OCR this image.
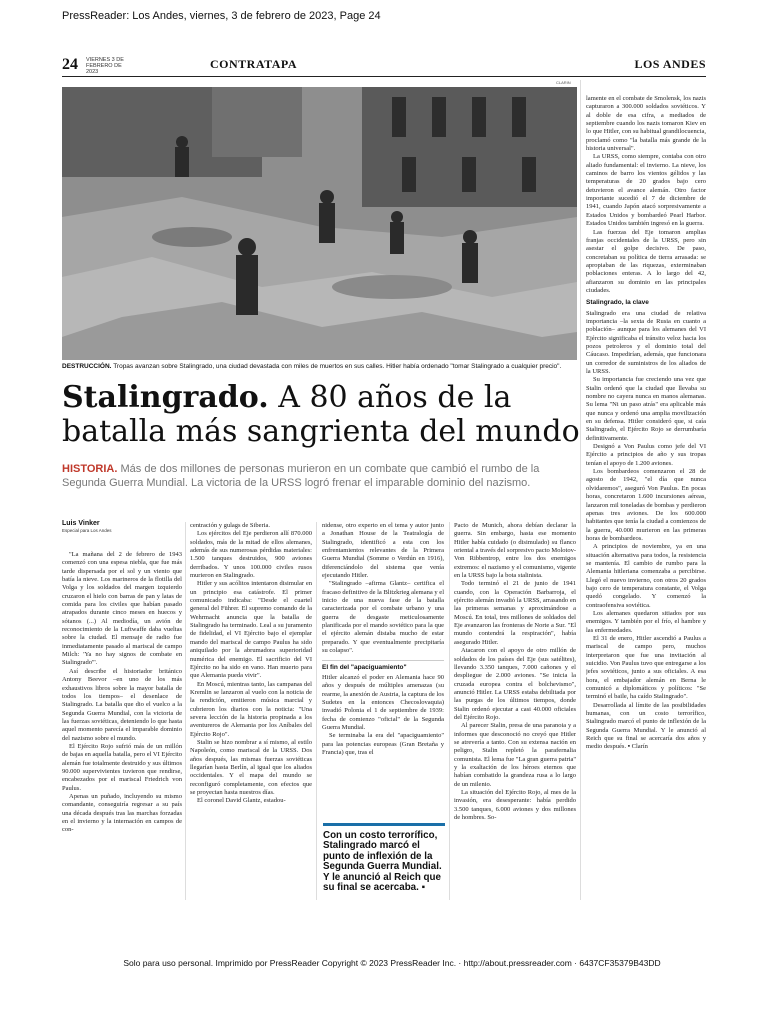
PressReader: Los Andes, viernes, 3 de febrero de 2023, Page 24
24 VIERNES 3 DE
FEBRERO DE 2023
CONTRATAPA	LOS ANDES
CLARIN
DESTRUCCIÓN. Tropas avanzan sobre Stalingrado, una ciudad devastada con miles de muertos en sus calles. Hitler había ordenado "tomar Stalingrado a cualquier precio".
Stalingrado. A 80 años de la batalla más sangrienta del mundo
HISTORIA. Más de dos millones de personas murieron en un combate que cambió el rumbo de la Segunda Guerra Mundial. La victoria de la URSS logró frenar el imparable dominio del nazismo.
Luis Vinker
Especial para Los Andes

"La mañana del 2 de febrero de 1943 comenzó con una espesa niebla, que fue más tarde dispersada por el sol y un viento que batía la nieve. Los marineros de la flotilla del Volga y los soldados del margen izquierdo cruzaron el hielo con barras de pan y latas de comida para los civiles que habían pasado atrapados durante cinco meses en huecos y sótanos (...) Al mediodía, un avión de reconocimiento de la Luftwaffe daba vueltas sobre la ciudad. El mensaje de radio fue inmediatamente pasado al mariscal de campo Milch: 'Ya no hay signos de combate en Stalingrado'".

Así describe el historiador británico Antony Beevor –en uno de los más exhaustivos libros sobre la mayor batalla de todos los tiempos– el desenlace de Stalingrado. La batalla que dio el vuelco a la Segunda Guerra Mundial, con la victoria de las fuerzas soviéticas, deteniendo lo que hasta aquel momento parecía el imparable dominio del nazismo sobre el mundo.

El Ejército Rojo sufrió más de un millón de bajas en aquella batalla, pero el VI Ejército alemán fue totalmente destruido y sus últimos 90.000 supervivientes tuvieron que rendirse, encabezados por el mariscal Friedrich von Paulus.

Apenas un puñado, incluyendo su mismo comandante, conseguiría regresar a su país una década después tras las marchas forzadas en el invierno y la internación en campos de con-

centración y gulags de Siberia.

Los ejércitos del Eje perdieron allí 870.000 soldados, más de la mitad de ellos alemanes, además de sus numerosas pérdidas materiales: 1.500 tanques destruidos, 900 aviones derribados. Y unos 100.000 civiles rusos murieron en Stalingrado.

Hitler y sus acólitos intentaron disimular en un principio esa catástrofe. El primer comunicado indicaba: "Desde el cuartel general del Führer. El supremo comando de la Wehrmacht anuncia que la batalla de Stalingrado ha terminado. Leal a su juramento de fidelidad, el VI Ejército bajo el ejemplar mando del mariscal de campo Paulus ha sido aniquilado por la abrumadora superioridad numérica del enemigo. El sacrificio del VI Ejército no ha sido en vano. Han muerto para que Alemania pueda vivir".

En Moscú, mientras tanto, las campanas del Kremlin se lanzaron al vuelo con la noticia de la rendición, emitieron música marcial y cubrieron los diarios con la noticia: "Una severa lección de la historia propinada a los aventureros de Alemania por los Aníbales del Ejército Rojo".

Stalin se hizo nombrar a sí mismo, al estilo Napoleón, como mariscal de la URSS. Dos años después, las mismas fuerzas soviéticas llegarían hasta Berlín, al igual que los aliados occidentales. Y el mapa del mundo se reconfiguró completamente, con efectos que se proyectan hasta nuestros días.

El coronel David Glantz, estadou-

nidense, otro experto en el tema y autor junto a Jonathan House de la Teatralogía de Stalingrado, identificó a esta con los enfrentamientos relevantes de la Primera Guerra Mundial (Somme o Verdún en 1916), diferenciándolo del sistema que venía ejecutando Hitler.

"Stalingrado –afirma Glantz– certifica el fracaso definitivo de la Blitzkrieg alemana y el inicio de una nueva fase de la batalla caracterizada por el combate urbano y una guerra de desgaste meticulosamente planificada por el mando soviético para la que el ejército alemán distaba mucho de estar preparado. Y que eventualmente precipitaría su colapso".

El fin del "apaciguamiento"

Hitler alcanzó el poder en Alemania hace 90 años y después de múltiples amenazas (su rearme, la anexión de Austria, la captura de los Sudetes en la entonces Checoslovaquia) invadió Polonia el 1 de septiembre de 1939: fecha de comienzo "oficial" de la Segunda Guerra Mundial.

Se terminaba la era del "apaciguamiento" para las potencias europeas (Gran Bretaña y Francia) que, tras el

Con un costo terrorífico, Stalingrado marcó el punto de inflexión de la Segunda Guerra Mundial. Y le anunció al Reich que su final se acercaba. ▪

Pacto de Munich, ahora debían declarar la guerra. Sin embargo, hasta ese momento Hitler había cuidado (o disimulado) su flanco oriental a través del sorpresivo pacto Molotov-Von Ribbentrop, entre los dos enemigos extremos: el nazismo y el comunismo, vigente en la URSS bajo la bota stalinista.

Todo terminó el 21 de junio de 1941 cuando, con la Operación Barbarroja, el ejército alemán invadió la URSS, arrasando en las primeras semanas y aproximándose a Moscú. En total, tres millones de soldados del Eje avanzaron las fronteras de Norte a Sur. "El mundo contendrá la respiración", había asegurado Hitler.

Atacaron con el apoyo de otro millón de soldados de los países del Eje (sus satélites), llevando 3.350 tanques, 7.000 cañones y el despliegue de 2.000 aviones. "Se inicia la cruzada europea contra el bolchevismo", anunció Hitler. La URSS estaba debilitada por las purgas de los últimos tiempos, donde Stalin ordenó ejecutar a casi 40.000 oficiales del Ejército Rojo.

Al parecer Stalin, presa de una paranoia y a informes que desconoció no creyó que Hitler se atrevería a tanto. Con su extensa nación en peligro, Stalin repletó la parafernalia comunista. El lema fue "La gran guerra patria" y la exaltación de los héroes eternos que habían combatido la grandeza rusa a lo largo de un milenio.

La situación del Ejército Rojo, al mes de la invasión, era desesperante: había perdido 3.500 tanques, 6.000 aviones y dos millones de hombres. So-

lamente en el combate de Smolensk, los nazis capturaron a 300.000 soldados soviéticos. Y al doble de esa cifra, a mediados de septiembre cuando los nazis tomaron Kiev en lo que Hitler, con su habitual grandilocuencia, proclamó como "la batalla más grande de la historia universal".

La URSS, como siempre, contaba con otro aliado fundamental: el invierno. La nieve, los caminos de barro los vientos gélidos y las temperaturas de 20 grados bajo cero detuvieron el avance alemán. Otro factor importante sucedió el 7 de diciembre de 1941, cuando Japón atacó sorpresivamente a Estados Unidos y bombardeó Pearl Harbor. Estados Unidos también ingresó en la guerra.

Las fuerzas del Eje tomaron amplias franjas occidentales de la URSS, pero sin asestar el golpe decisivo. De paso, concretaban su política de tierra arrasada: se apropiaban de las riquezas, exterminaban poblaciones enteras. A lo largo del 42, afianzaron su dominio en las principales ciudades.

Stalingrado, la clave

Stalingrado era una ciudad de relativa importancia –la sexta de Rusia en cuanto a población– aunque para los alemanes del VI Ejército significaba el tránsito veloz hacia los pozos petroleros y el dominio total del Cáucaso. Impedirían, además, que funcionara un corredor de suministros de los aliados de la URSS.

Su importancia fue creciendo una vez que Stalin ordenó que la ciudad que llevaba su nombre no cayera nunca en manos alemanas. Su lema "Ni un paso atrás" era aplicable más que nunca y ordenó una amplia movilización en su defensa. Hitler consideró que, si caía Stalingrado, el Ejército Rojo se derrumbaría definitivamente.

Designó a Von Paulus como jefe del VI Ejército a principios de año y sus tropas tenían el apoyo de 1.200 aviones.

Los bombardeos comenzaron el 28 de agosto de 1942, "el día que nunca olvidaremos", aseguró Von Paulus. En pocas horas, concretaron 1.600 incursiones aéreas, lanzaron mil toneladas de bombas y perdieron apenas tres aviones. De los 600.000 habitantes que tenía la ciudad a comienzos de la guerra, 40.000 murieron en las primeras horas de bombardeos.

A principios de noviembre, ya en una situación alternativa para todos, la resistencia se mantenía. El cambio de rumbo para la Alemania hitleriana comenzaba a percibirse. Llegó el nuevo invierno, con otros 20 grados bajo cero de temperatura constante, el Volga quedó congelado. Y comenzó la contraofensiva soviética.

Los alemanes quedaron sitiados por sus enemigos. Y también por el frío, el hambre y las enfermedades.

El 31 de enero, Hitler ascendió a Paulus a mariscal de campo pero, muchos interpretaron que fue una invitación al suicidio. Von Paulus tuvo que entregarse a los jefes soviéticos, junto a sus oficiales. A esa hora, el embajador alemán en Berna le comunicó a diplomáticos y políticos: "Se terminó el baile, ha caído Stalingrado".

Desarrollada al límite de las posibilidades humanas, con un costo terrorífico, Stalingrado marcó el punto de inflexión de la Segunda Guerra Mundial. Y le anunció al Reich que su final se acercaría dos años y medio después. ▪ Clarín

Solo para uso personal. Imprimido por PressReader Copyright © 2023 PressReader Inc. · http://about.pressreader.com · 6437CF35379B43DD
